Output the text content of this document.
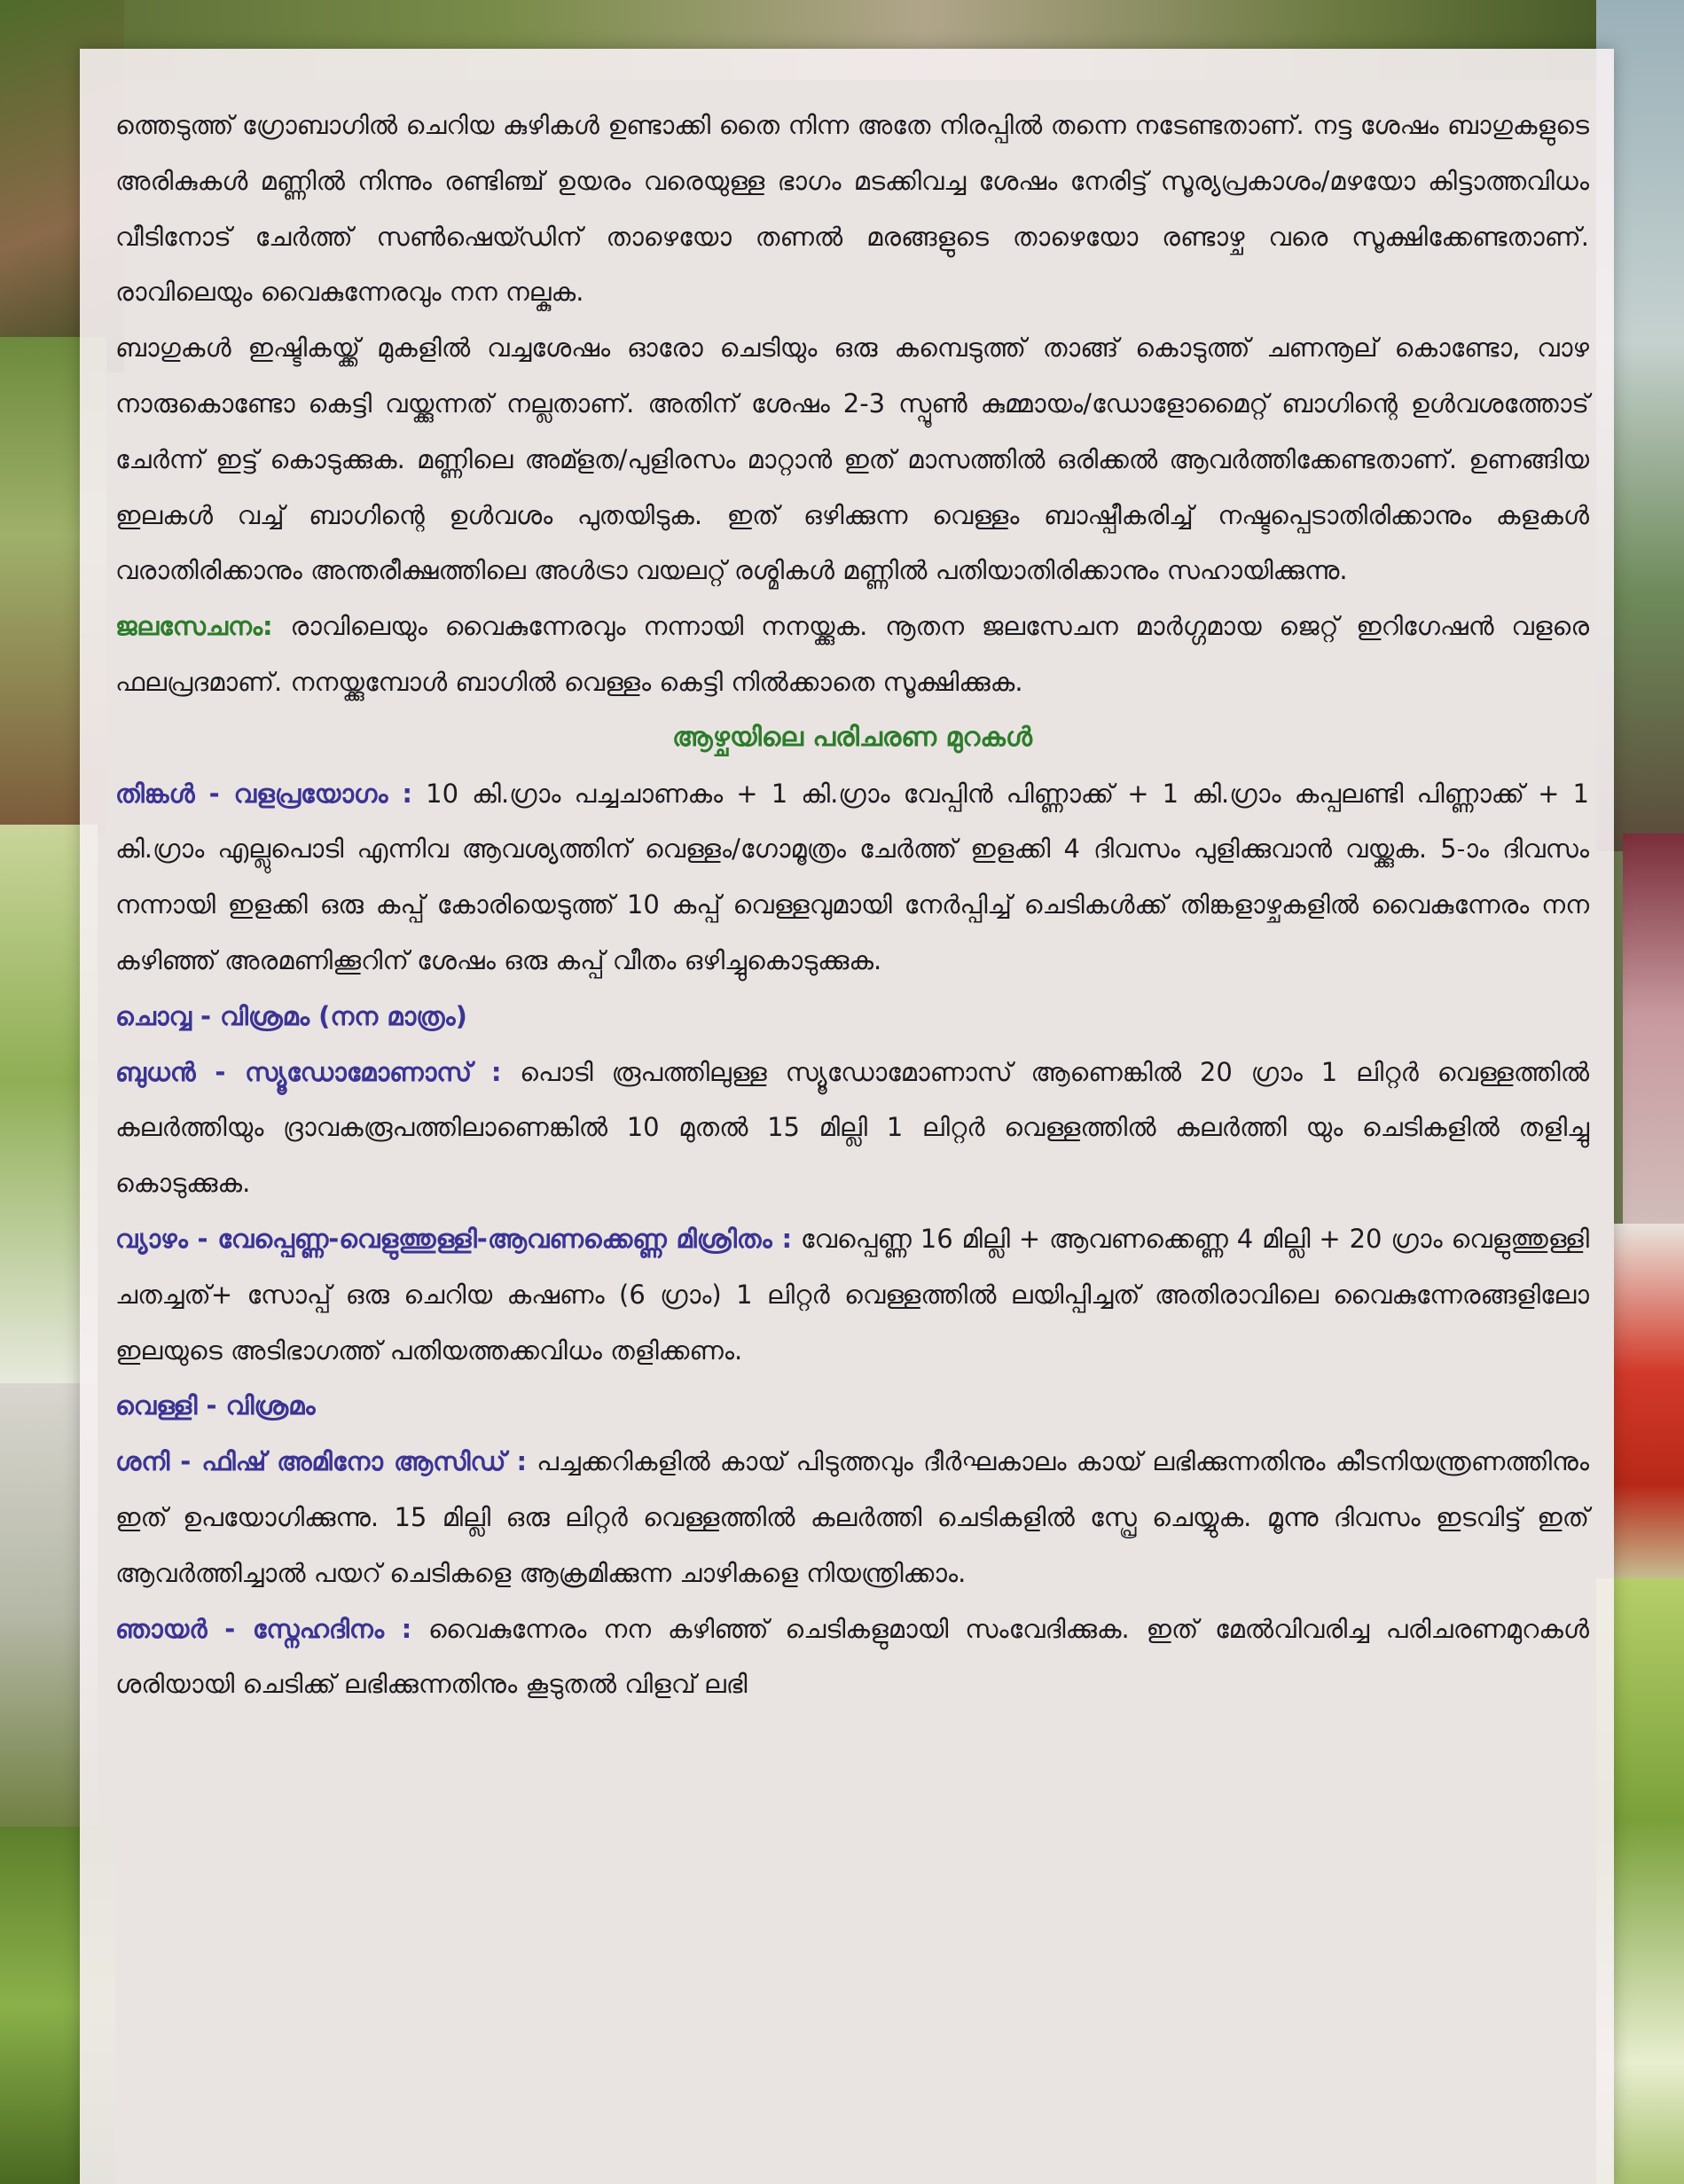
ത്തെടുത്ത് ഗ്രോബാഗിൽ ചെറിയ കുഴികൾ ഉണ്ടാക്കി തൈ നിന്ന അതേ നിരപ്പിൽ തന്നെ നടേണ്ടതാണ്. നട്ട ശേഷം ബാഗുകളുടെ അരികുകൾ മണ്ണിൽ നിന്നും രണ്ടിഞ്ച് ഉയരം വരെയുള്ള ഭാഗം മടക്കിവച്ച ശേഷം നേരിട്ട് സൂര്യപ്രകാശം/മഴയോ കിട്ടാത്തവിധം വീടിനോട് ചേർത്ത് സൺഷെയ്ഡിന് താഴെയോ തണൽ മരങ്ങളുടെ താഴെയോ രണ്ടാഴ്ച വരെ സൂക്ഷിക്കേണ്ടതാണ്. രാവിലെയും വൈകുന്നേരവും നന നല്കുക.

ബാഗുകൾ ഇഷ്ടികയ്ക്ക് മുകളിൽ വച്ചശേഷം ഓരോ ചെടിയും ഒരു കമ്പെടുത്ത് താങ്ങ് കൊടുത്ത് ചണനൂല് കൊണ്ടോ, വാഴ നാരുകൊണ്ടോ കെട്ടി വയ്ക്കുന്നത് നല്ലതാണ്. അതിന് ശേഷം 2-3 സ്പൂൺ കുമ്മായം/ഡോളോമൈറ്റ് ബാഗിന്റെ ഉൾവശത്തോട് ചേർന്ന് ഇട്ട് കൊടുക്കുക. മണ്ണിലെ അമ്ളത/പുളിരസം മാറ്റാൻ ഇത് മാസത്തിൽ ഒരിക്കൽ ആവർത്തിക്കേണ്ടതാണ്. ഉണങ്ങിയ ഇലകൾ വച്ച് ബാഗിന്റെ ഉൾവശം പുതയിടുക. ഇത് ഒഴിക്കുന്ന വെള്ളം ബാഷ്പീകരിച്ച് നഷ്ടപ്പെടാതിരിക്കാനും കളകൾ വരാതിരിക്കാനും അന്തരീക്ഷത്തിലെ അൾട്രാ വയലറ്റ് രശ്മികൾ മണ്ണിൽ പതിയാതിരിക്കാനും സഹായിക്കുന്നു.

ജലസേചനം: രാവിലെയും വൈകുന്നേരവും നന്നായി നനയ്ക്കുക. നൂതന ജലസേചന മാർഗ്ഗമായ ജെറ്റ് ഇറിഗേഷൻ വളരെ ഫലപ്രദമാണ്. നനയ്ക്കുമ്പോൾ ബാഗിൽ വെള്ളം കെട്ടി നിൽക്കാതെ സൂക്ഷിക്കുക.

ആഴ്ചയിലെ പരിചരണ മുറകൾ

തിങ്കൾ - വളപ്രയോഗം : 10 കി.ഗ്രാം പച്ചചാണകം + 1 കി.ഗ്രാം വേപ്പിൻ പിണ്ണാക്ക് + 1 കി.ഗ്രാം കപ്പലണ്ടി പിണ്ണാക്ക് + 1 കി.ഗ്രാം എല്ലുപൊടി എന്നിവ ആവശ്യത്തിന് വെള്ളം/ഗോമൂത്രം ചേർത്ത് ഇളക്കി 4 ദിവസം പുളിക്കുവാൻ വയ്ക്കുക. 5-ാം ദിവസം നന്നായി ഇളക്കി ഒരു കപ്പ് കോരിയെടുത്ത് 10 കപ്പ് വെള്ളവുമായി നേർപ്പിച്ച് ചെടികൾക്ക് തിങ്കളാഴ്ചകളിൽ വൈകുന്നേരം നന കഴിഞ്ഞ് അരമണിക്കൂറിന് ശേഷം ഒരു കപ്പ് വീതം ഒഴിച്ചുകൊടുക്കുക.

ചൊവ്വ - വിശ്രമം (നന മാത്രം)

ബുധൻ - സ്യൂഡോമോണാസ് : പൊടി രൂപത്തിലുള്ള സ്യൂഡോമോണാസ് ആണെങ്കിൽ 20 ഗ്രാം 1 ലിറ്റർ വെള്ളത്തിൽ കലർത്തിയും ദ്രാവകരൂപത്തിലാണെങ്കിൽ 10 മുതൽ 15 മില്ലി 1 ലിറ്റർ വെള്ളത്തിൽ കലർത്തി യും ചെടികളിൽ തളിച്ചു കൊടുക്കുക.

വ്യാഴം - വേപ്പെണ്ണ-വെളുത്തുള്ളി-ആവണക്കെണ്ണ മിശ്രിതം : വേപ്പെണ്ണ 16 മില്ലി + ആവണക്കെണ്ണ 4 മില്ലി + 20 ഗ്രാം വെളുത്തുള്ളി ചതച്ചത്+ സോപ്പ് ഒരു ചെറിയ കഷണം (6 ഗ്രാം) 1 ലിറ്റർ വെള്ളത്തിൽ ലയിപ്പിച്ചത് അതിരാവിലെ വൈകുന്നേരങ്ങളിലോ ഇലയുടെ അടിഭാഗത്ത് പതിയത്തക്കവിധം തളിക്കണം.

വെള്ളി - വിശ്രമം

ശനി - ഫിഷ് അമിനോ ആസിഡ് : പച്ചക്കറികളിൽ കായ് പിടുത്തവും ദീർഘകാലം കായ് ലഭിക്കുന്നതിനും കീടനിയന്ത്രണത്തിനും ഇത് ഉപയോഗിക്കുന്നു. 15 മില്ലി ഒരു ലിറ്റർ വെള്ളത്തിൽ കലർത്തി ചെടികളിൽ സ്പ്രേ ചെയ്യുക. മൂന്നു ദിവസം ഇടവിട്ട് ഇത് ആവർത്തിച്ചാൽ പയറ് ചെടികളെ ആക്രമിക്കുന്ന ചാഴികളെ നിയന്ത്രിക്കാം.

ഞായർ - സ്നേഹദിനം : വൈകുന്നേരം നന കഴിഞ്ഞ് ചെടികളുമായി സംവേദിക്കുക. ഇത് മേൽവിവരിച്ച പരിചരണമുറകൾ ശരിയായി ചെടിക്ക് ലഭിക്കുന്നതിനും കൂടുതൽ വിളവ് ലഭി
